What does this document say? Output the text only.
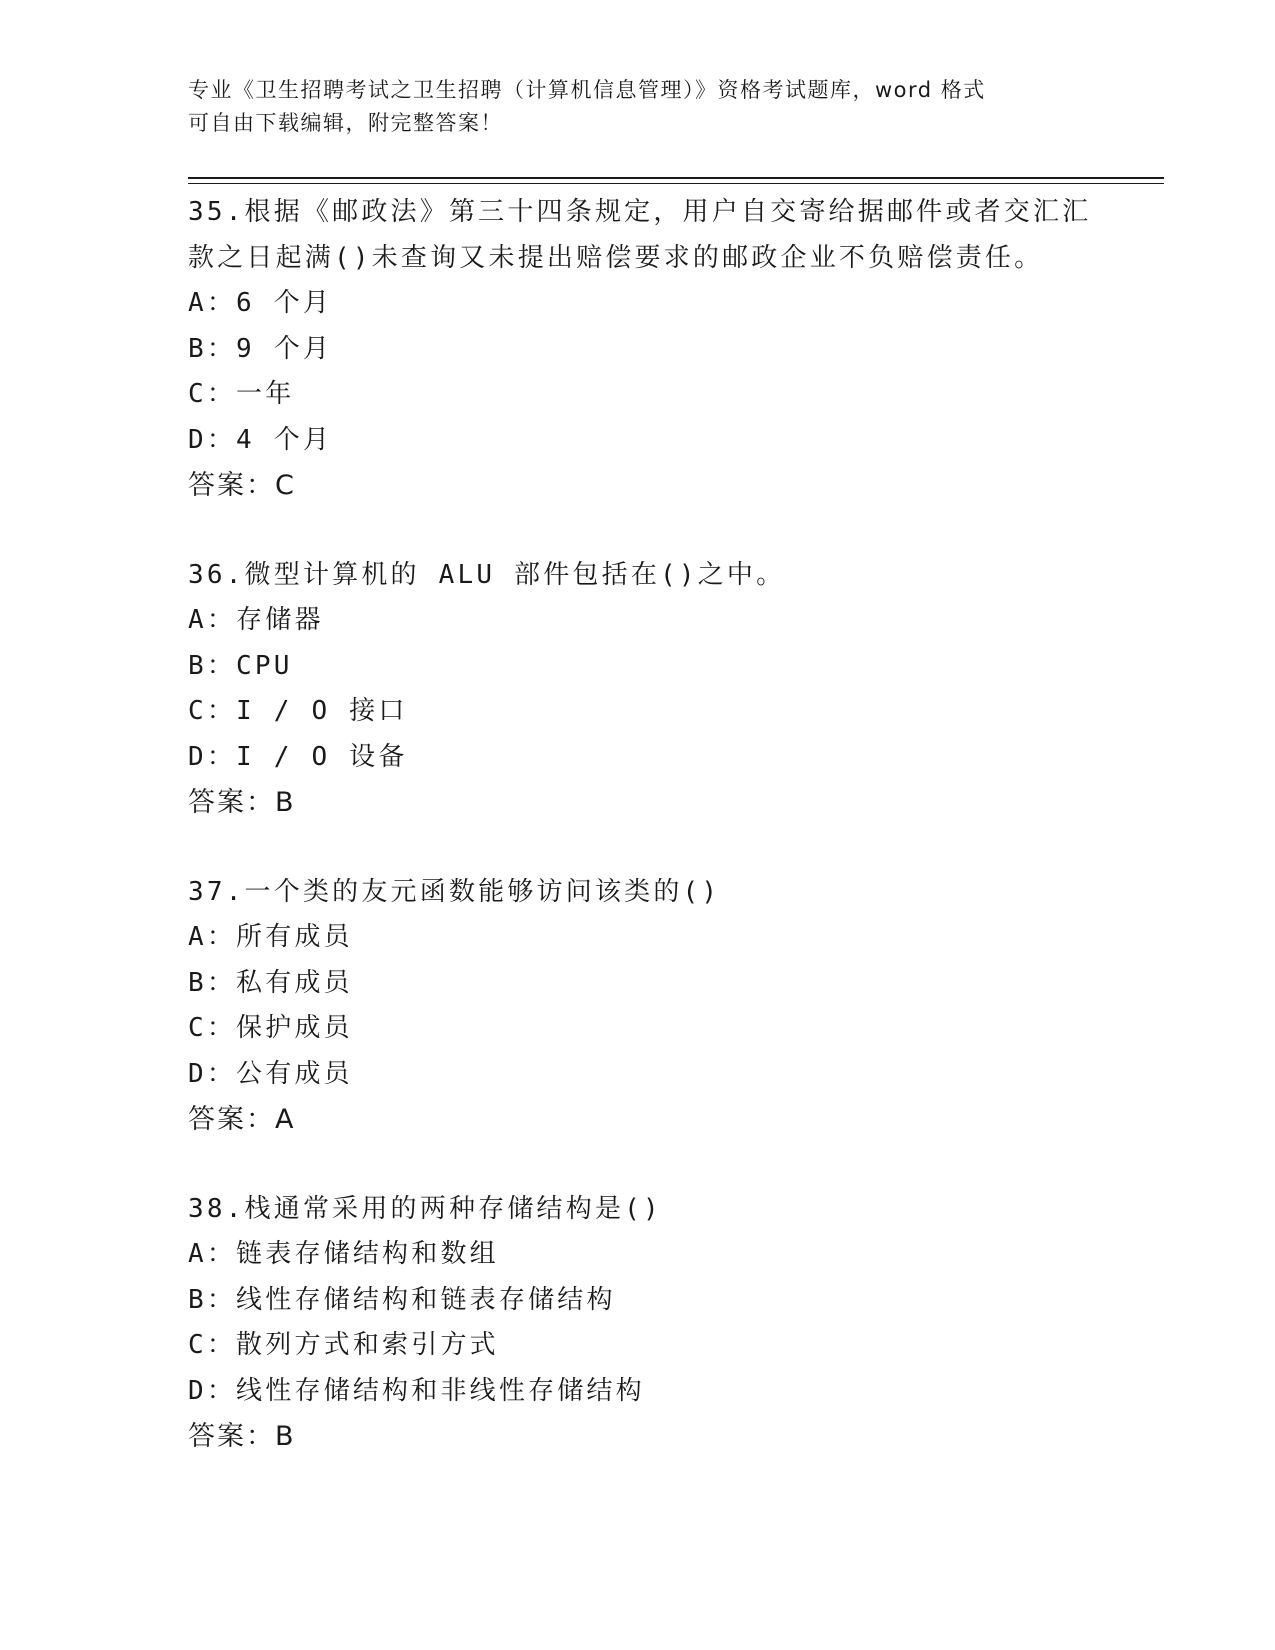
专业《卫生招聘考试之卫生招聘（计算机信息管理）》资格考试题库，word 格式
可自由下载编辑，附完整答案！
35.根据《邮政法》第三十四条规定，用户自交寄给据邮件或者交汇汇
款之日起满()未查询又未提出赔偿要求的邮政企业不负赔偿责任。
A：6 个月
B：9 个月
C：一年
D：4 个月
答案：C
36.微型计算机的 ALU 部件包括在()之中。
A：存储器
B：CPU
C：I / O 接口
D：I / O 设备
答案：B
37.一个类的友元函数能够访问该类的()
A：所有成员
B：私有成员
C：保护成员
D：公有成员
答案：A
38.栈通常采用的两种存储结构是()
A：链表存储结构和数组
B：线性存储结构和链表存储结构
C：散列方式和索引方式
D：线性存储结构和非线性存储结构
答案：B
